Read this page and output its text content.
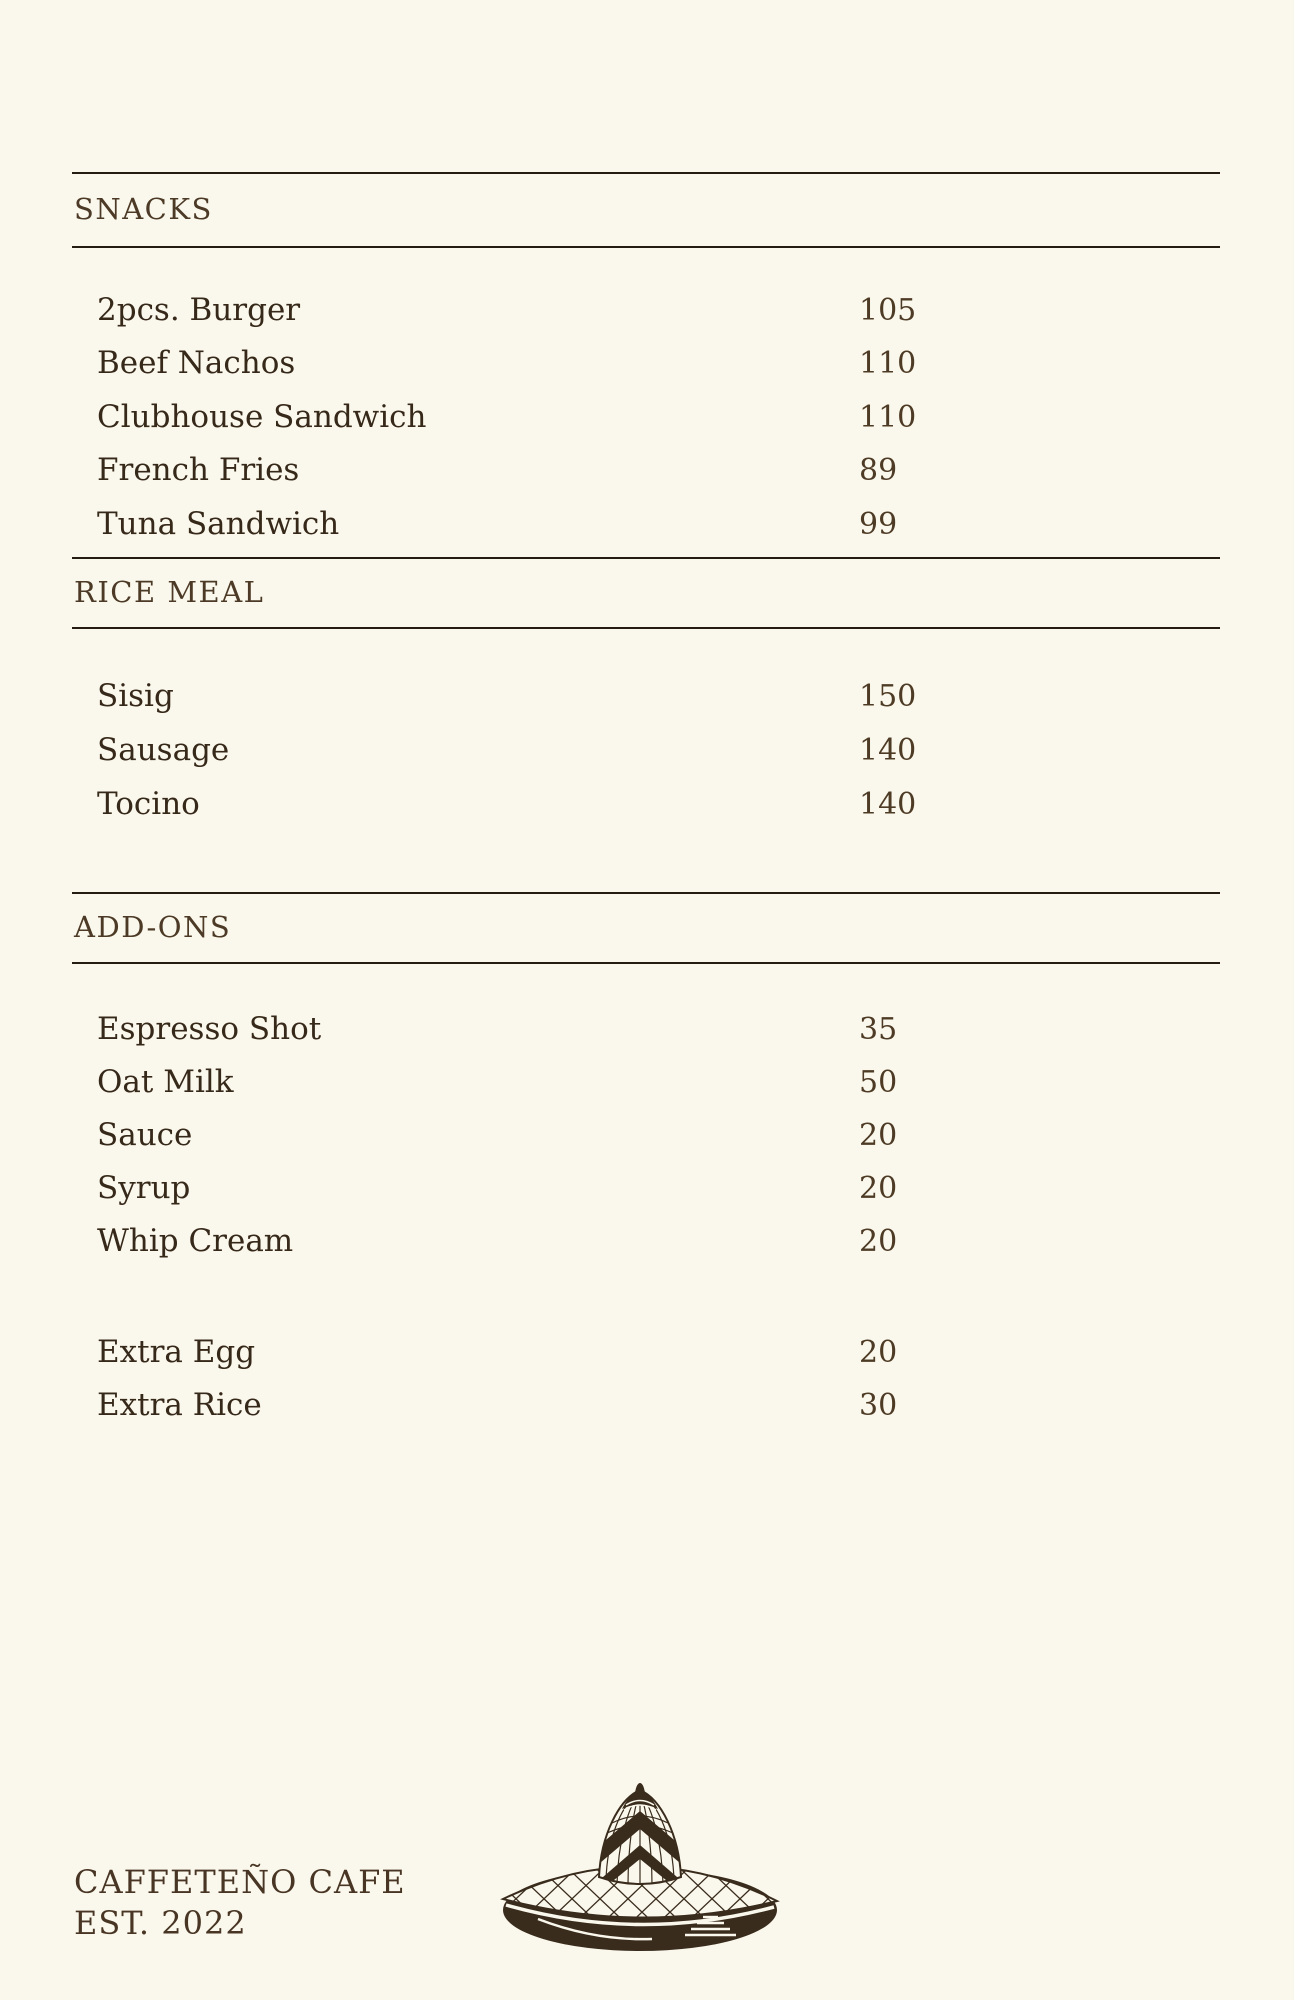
SNACKS
2pcs. Burger	105
Beef Nachos	110
Clubhouse Sandwich	110
French Fries	89
Tuna Sandwich	99
RICE MEAL
Sisig	150
Sausage	140
Tocino	140
ADD-ONS
Espresso Shot	35
Oat Milk	50
Sauce	20
Syrup	20
Whip Cream	20
Extra Egg	20
Extra Rice	30
CAFFETEÑO CAFE
EST. 2022
